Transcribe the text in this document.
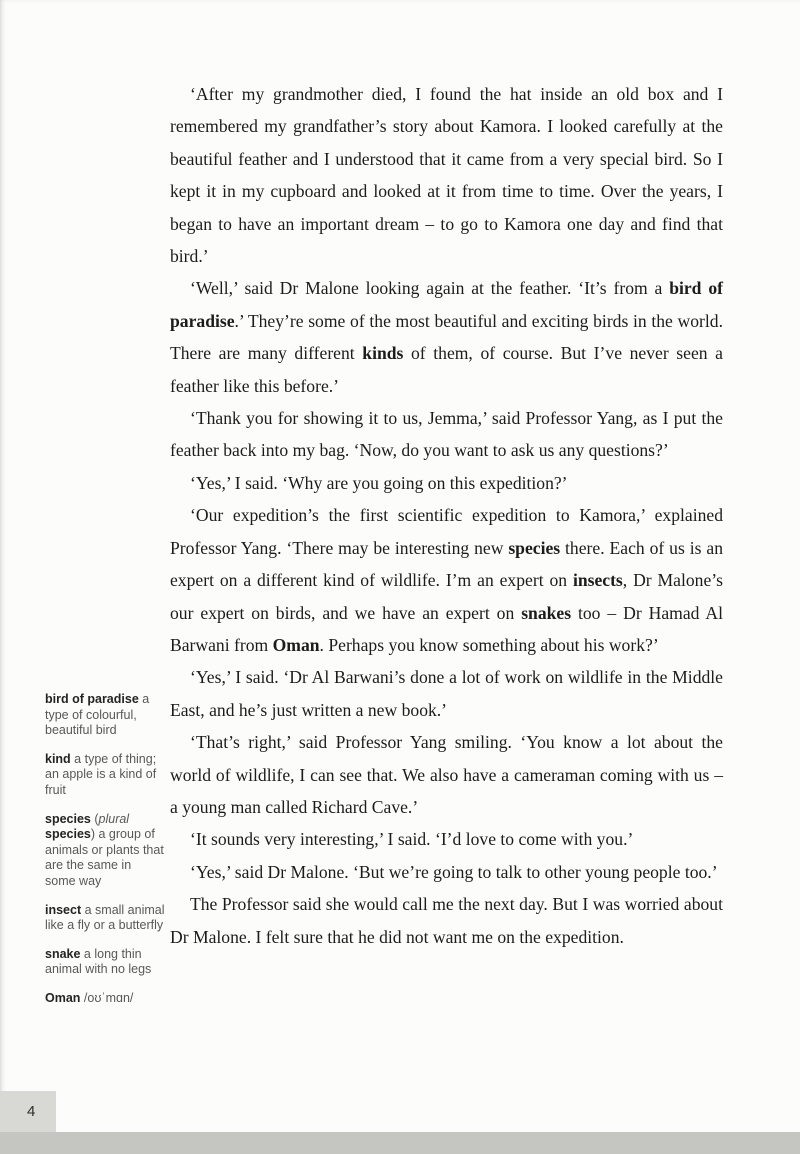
‘After my grandmother died, I found the hat inside an old box and I remembered my grandfather’s story about Kamora. I looked carefully at the beautiful feather and I understood that it came from a very special bird. So I kept it in my cupboard and looked at it from time to time. Over the years, I began to have an important dream – to go to Kamora one day and find that bird.’

‘Well,’ said Dr Malone looking again at the feather. ‘It’s from a bird of paradise.’ They’re some of the most beautiful and exciting birds in the world. There are many different kinds of them, of course. But I’ve never seen a feather like this before.’

‘Thank you for showing it to us, Jemma,’ said Professor Yang, as I put the feather back into my bag. ‘Now, do you want to ask us any questions?’

‘Yes,’ I said. ‘Why are you going on this expedition?’

‘Our expedition’s the first scientific expedition to Kamora,’ explained Professor Yang. ‘There may be interesting new species there. Each of us is an expert on a different kind of wildlife. I’m an expert on insects, Dr Malone’s our expert on birds, and we have an expert on snakes too – Dr Hamad Al Barwani from Oman. Perhaps you know something about his work?’

‘Yes,’ I said. ‘Dr Al Barwani’s done a lot of work on wildlife in the Middle East, and he’s just written a new book.’

‘That’s right,’ said Professor Yang smiling. ‘You know a lot about the world of wildlife, I can see that. We also have a cameraman coming with us – a young man called Richard Cave.’

‘It sounds very interesting,’ I said. ‘I’d love to come with you.’

‘Yes,’ said Dr Malone. ‘But we’re going to talk to other young people too.’

The Professor said she would call me the next day. But I was worried about Dr Malone. I felt sure that he did not want me on the expedition.

bird of paradise a type of colourful, beautiful bird
kind a type of thing; an apple is a kind of fruit
species (plural species) a group of animals or plants that are the same in some way
insect a small animal like a fly or a butterfly
snake a long thin animal with no legs
Oman /oʊˈmɑn/
4
